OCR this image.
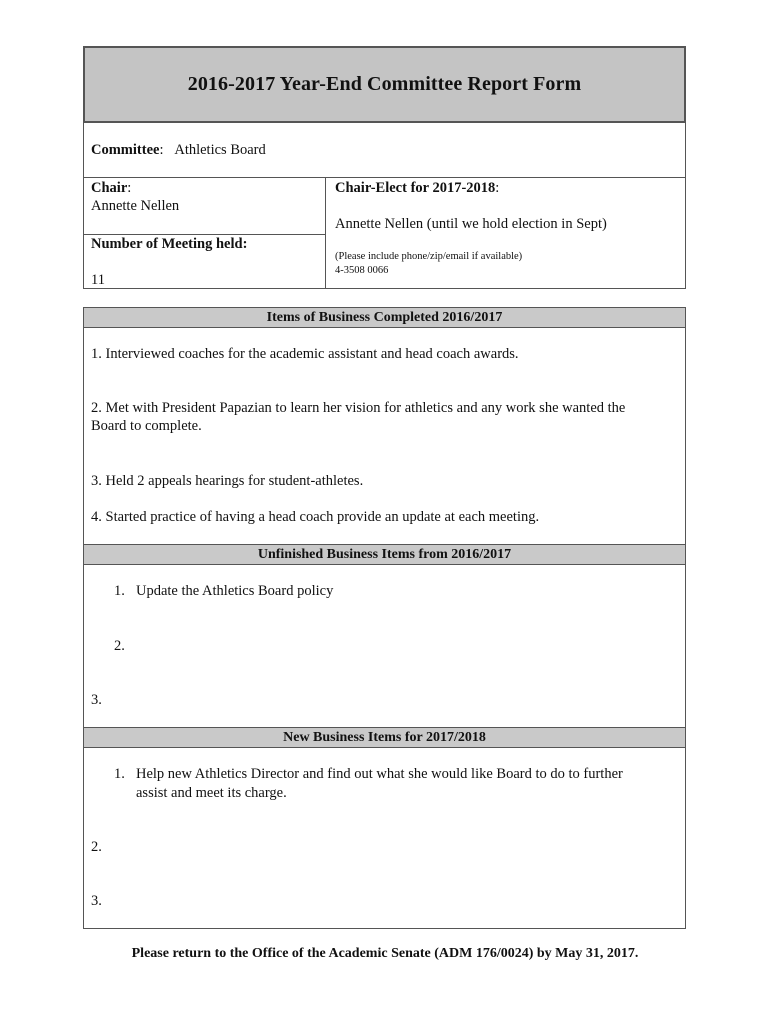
2016-2017 Year-End Committee Report Form
Committee:   Athletics Board
Chair:
Annette Nellen
Number of Meeting held:
11
Chair-Elect for 2017-2018:
Annette Nellen (until we hold election in Sept)
(Please include phone/zip/email if available)
4-3508 0066
Items of Business Completed 2016/2017
1. Interviewed coaches for the academic assistant and head coach awards.
2. Met with President Papazian to learn her vision for athletics and any work she wanted the
Board to complete.
3. Held 2 appeals hearings for student-athletes.
4. Started practice of having a head coach provide an update at each meeting.
Unfinished Business Items from 2016/2017
1. Update the Athletics Board policy
2.
3.
New Business Items for 2017/2018
1. Help new Athletics Director and find out what she would like Board to do to further
assist and meet its charge.
2.
3.
Please return to the Office of the Academic Senate (ADM 176/0024) by May 31, 2017.
